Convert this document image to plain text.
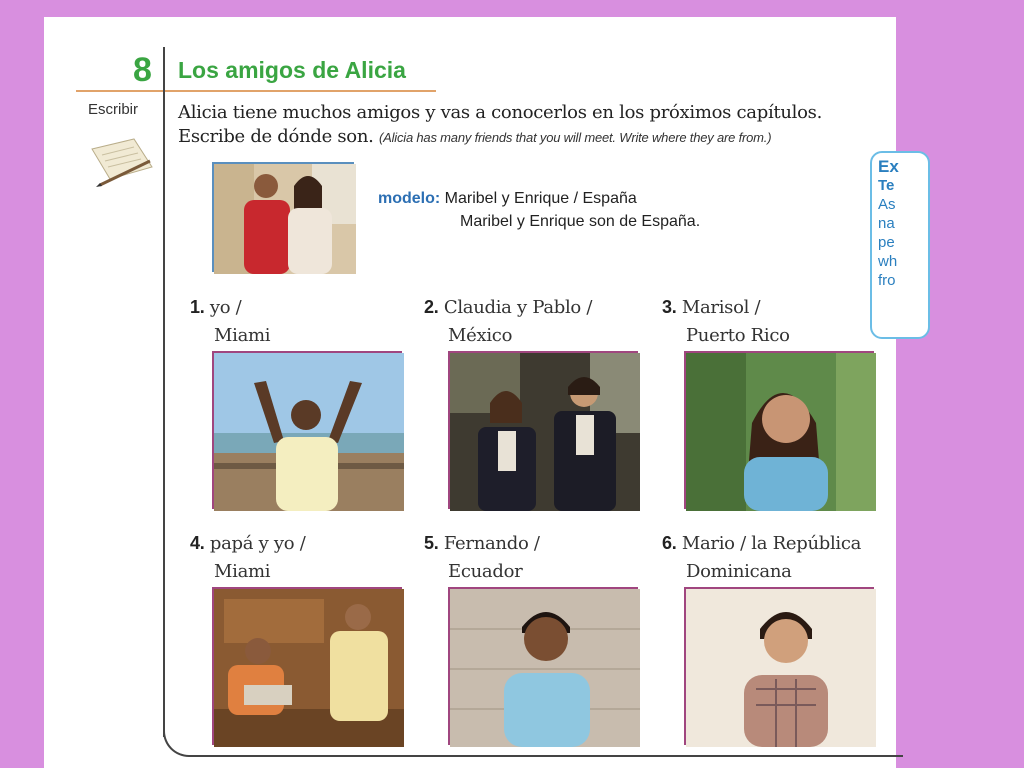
8 Los amigos de Alicia
Escribir Alicia tiene muchos amigos y vas a conocerlos en los próximos capítulos.
Escribe de dónde son. (Alicia has many friends that you will meet. Write where they are from.)
Ex
Te
As
na
pe
wh
fro
modelo: Maribel y Enrique / España
Maribel y Enrique son de España.
1. yo /
Miami
2. Claudia y Pablo /
México
3. Marisol /
Puerto Rico
4. papá y yo /
Miami
5. Fernando /
Ecuador
6. Mario / la República
Dominicana
